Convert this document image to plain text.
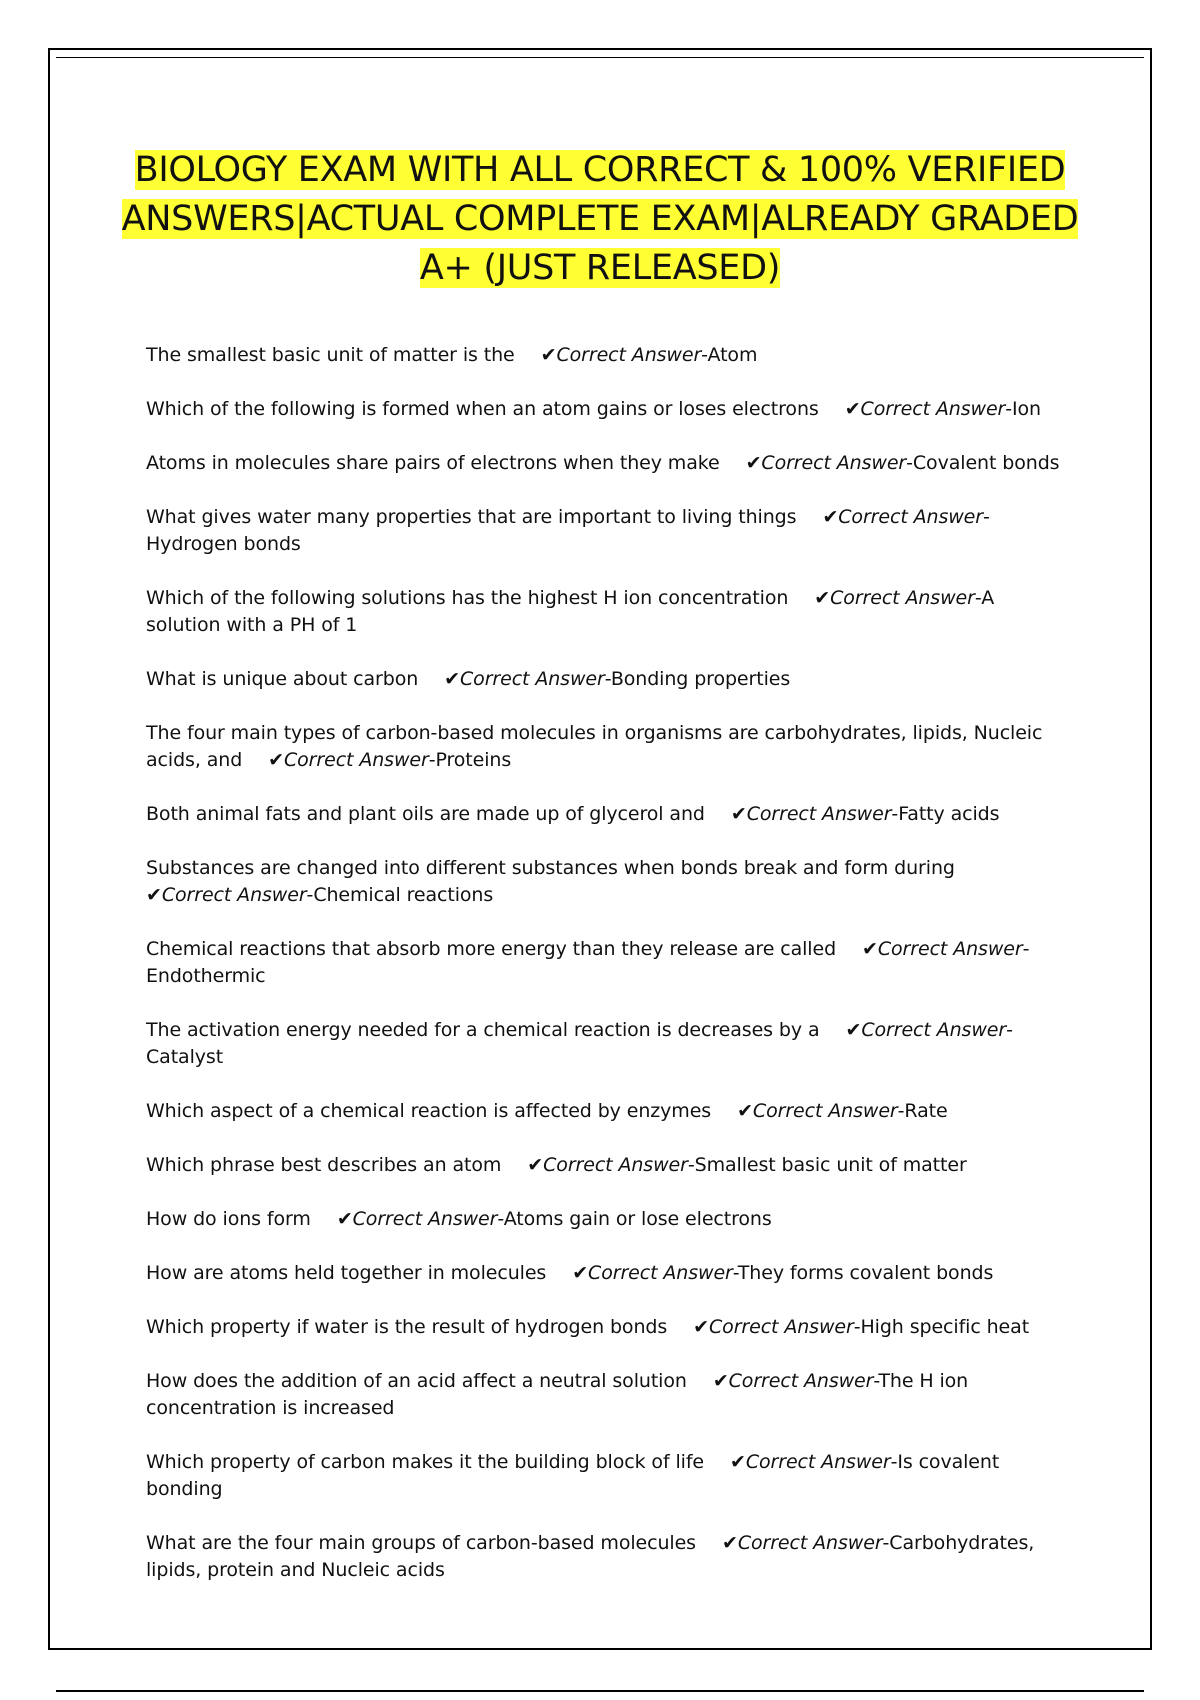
BIOLOGY EXAM WITH ALL CORRECT & 100% VERIFIED ANSWERS|ACTUAL COMPLETE EXAM|ALREADY GRADED A+ (JUST RELEASED)
The smallest basic unit of matter is the ✔Correct Answer-Atom
Which of the following is formed when an atom gains or loses electrons ✔Correct Answer-Ion
Atoms in molecules share pairs of electrons when they make ✔Correct Answer-Covalent bonds
What gives water many properties that are important to living things ✔Correct Answer-Hydrogen bonds
Which of the following solutions has the highest H ion concentration ✔Correct Answer-A solution with a PH of 1
What is unique about carbon ✔Correct Answer-Bonding properties
The four main types of carbon-based molecules in organisms are carbohydrates, lipids, Nucleic acids, and ✔Correct Answer-Proteins
Both animal fats and plant oils are made up of glycerol and ✔Correct Answer-Fatty acids
Substances are changed into different substances when bonds break and form during✔Correct Answer-Chemical reactions
Chemical reactions that absorb more energy than they release are called ✔Correct Answer-Endothermic
The activation energy needed for a chemical reaction is decreases by a ✔Correct Answer-Catalyst
Which aspect of a chemical reaction is affected by enzymes ✔Correct Answer-Rate
Which phrase best describes an atom ✔Correct Answer-Smallest basic unit of matter
How do ions form ✔Correct Answer-Atoms gain or lose electrons
How are atoms held together in molecules ✔Correct Answer-They forms covalent bonds
Which property if water is the result of hydrogen bonds ✔Correct Answer-High specific heat
How does the addition of an acid affect a neutral solution ✔Correct Answer-The H ion concentration is increased
Which property of carbon makes it the building block of life ✔Correct Answer-Is covalent bonding
What are the four main groups of carbon-based molecules ✔Correct Answer-Carbohydrates, lipids, protein and Nucleic acids
